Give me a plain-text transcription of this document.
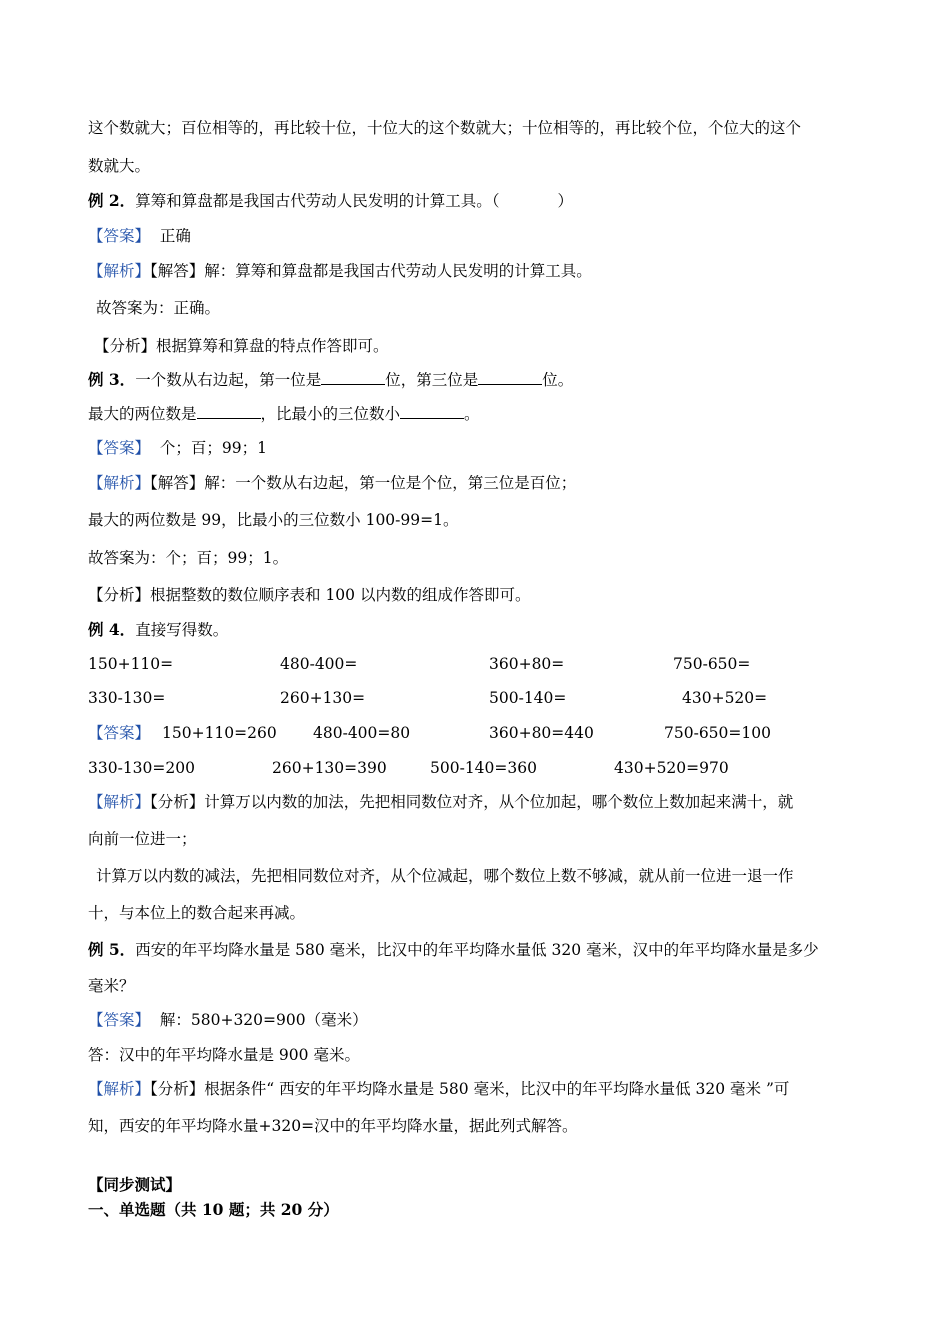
这个数就大；百位相等的，再比较十位，十位大的这个数就大；十位相等的，再比较个位，个位大的这个
数就大。
例 2．算筹和算盘都是我国古代劳动人民发明的计算工具。（	）
【答案】 正确
【解析】【解答】解：算筹和算盘都是我国古代劳动人民发明的计算工具。
故答案为：正确。
【分析】根据算筹和算盘的特点作答即可。
例 3．一个数从右边起，第一位是	位，第三位是	位。
最大的两位数是	，比最小的三位数小	。
【答案】 个；百；99；1
【解析】【解答】解：一个数从右边起，第一位是个位，第三位是百位；
最大的两位数是 99，比最小的三位数小 100-99=1。
故答案为：个；百；99；1。
【分析】根据整数的数位顺序表和 100 以内数的组成作答即可。
例 4．直接写得数。
150+110=	480-400=	360+80=	750-650=
330-130=	260+130=	500-140=	430+520=
【答案】 150+110=260 480-400=80	360+80=440	750-650=100
330-130=200	260+130=390	500-140=360	430+520=970
【解析】【分析】计算万以内数的加法，先把相同数位对齐，从个位加起，哪个数位上数加起来满十，就
向前一位进一；
计算万以内数的减法，先把相同数位对齐，从个位减起，哪个数位上数不够减，就从前一位进一退一作
十，与本位上的数合起来再减。
例 5．西安的年平均降水量是 580 毫米，比汉中的年平均降水量低 320 毫米，汉中的年平均降水量是多少
毫米？
【答案】 解：580+320=900（毫米）
答：汉中的年平均降水量是 900 毫米。
【解析】【分析】根据条件“ 西安的年平均降水量是 580 毫米，比汉中的年平均降水量低 320 毫米 ”可
知，西安的年平均降水量+320=汉中的年平均降水量，据此列式解答。
【同步测试】
一、单选题（共 10 题；共 20 分）
